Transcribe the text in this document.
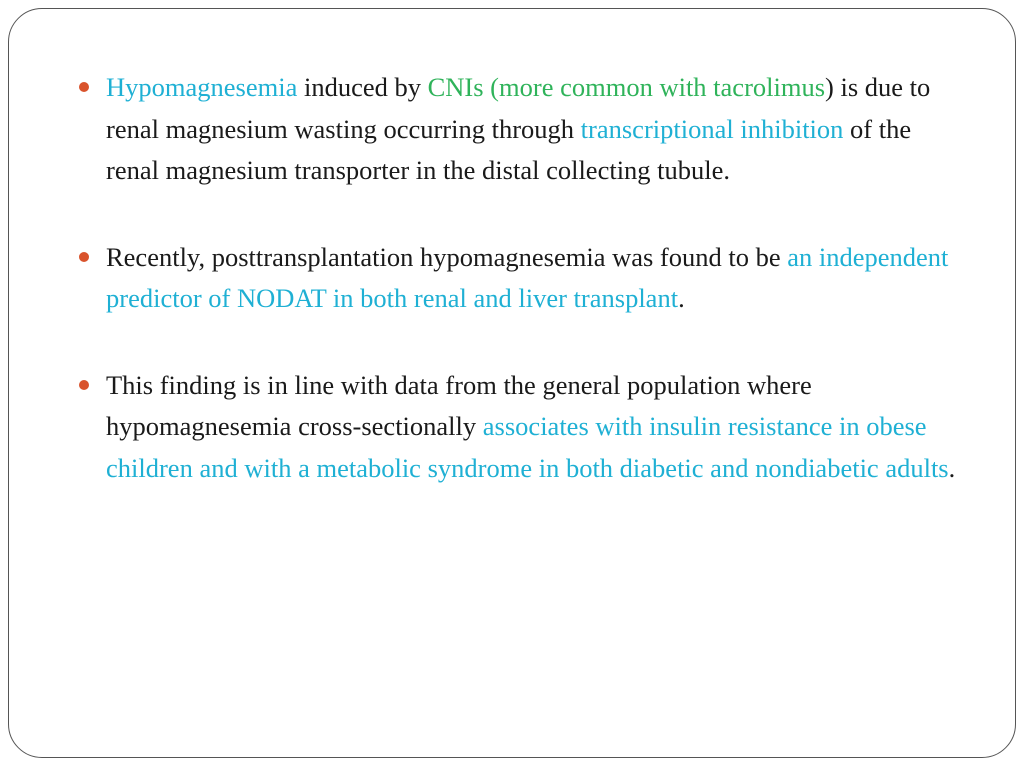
Hypomagnesemia induced by CNIs (more common with tacrolimus) is due to renal magnesium wasting occurring through transcriptional inhibition of the renal magnesium transporter in the distal collecting tubule.
Recently, posttransplantation hypomagnesemia was found to be an independent predictor of NODAT in both renal and liver transplant.
This finding is in line with data from the general population where hypomagnesemia cross-sectionally associates with insulin resistance in obese children and with a metabolic syndrome in both diabetic and nondiabetic adults.
